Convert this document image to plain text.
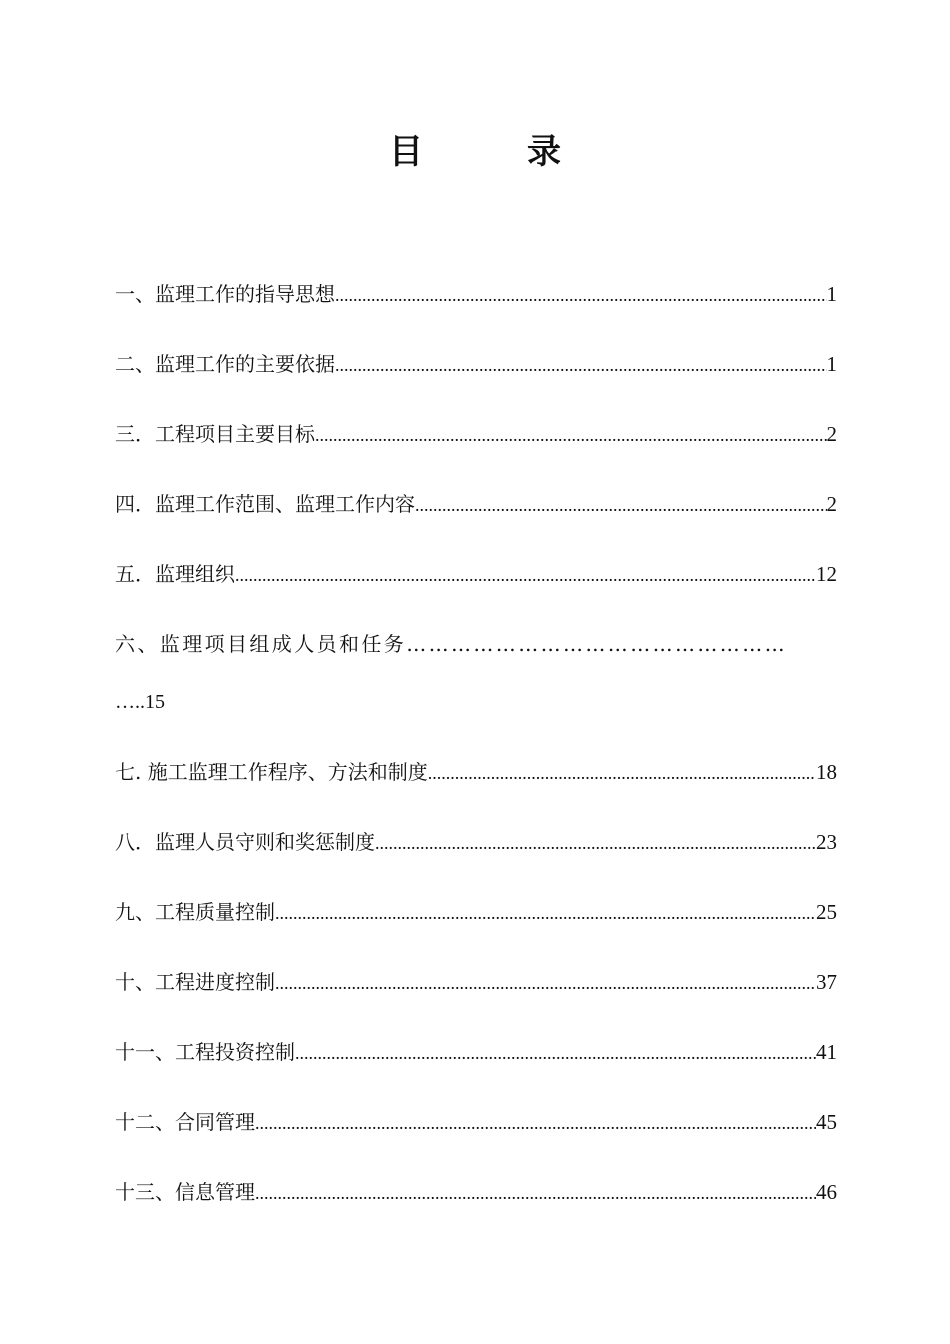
目	录
一、监理工作的指导思想 .....	1
二、监理工作的主要依据 .....	1
三．工程项目主要目标 .....	2
四．监理工作范围、监理工作内容 .....	2
五．监理组织 .....	12
六、监理项目组成人员和任务……………………………………………
…..15
七. 施工监理工作程序、方法和制度 .....	18
八．监理人员守则和奖惩制度 .....	23
九、工程质量控制 .....	25
十、工程进度控制 .....	37
十一、工程投资控制 .....	41
十二、合同管理 .....	45
十三、信息管理 .....	46
